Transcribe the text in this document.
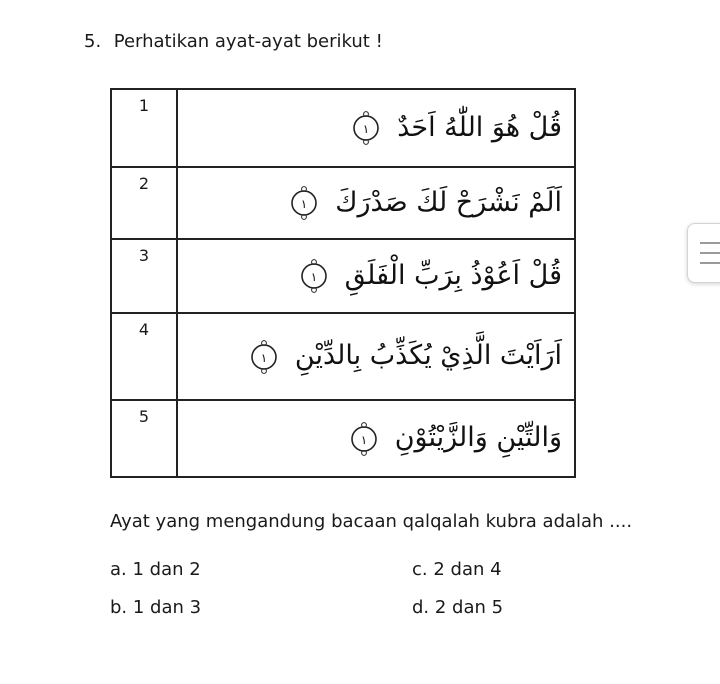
5. Perhatikan ayat-ayat berikut !
1	قُلْ هُوَ اللّٰهُ اَحَدٌ
١

2	اَلَمْ نَشْرَحْ لَكَ صَدْرَكَ
١

3	قُلْ اَعُوْذُ بِرَبِّ الْفَلَقِ
١

4	اَرَاَيْتَ الَّذِيْ يُكَذِّبُ بِالدِّيْنِ
١

5	وَالتِّيْنِ وَالزَّيْتُوْنِ
١
Ayat yang mengandung bacaan qalqalah kubra adalah ....
a. 1 dan 2
b. 1 dan 3
c. 2 dan 4
d. 2 dan 5
